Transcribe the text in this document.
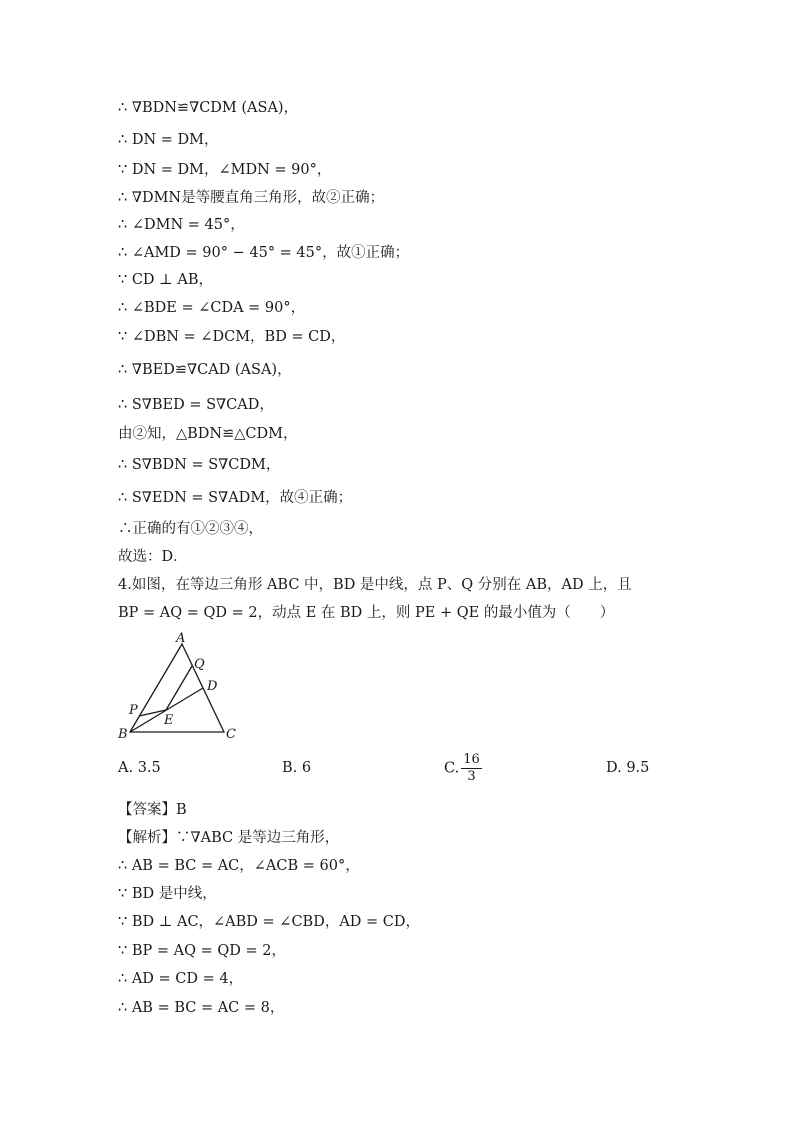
∴ ∇BDN≌∇CDM (ASA)，
∴ DN = DM，
∵ DN = DM，∠MDN = 90°，
∴ ∇DMN是等腰直角三角形，故②正确；
∴ ∠DMN = 45°，
∴ ∠AMD = 90° − 45° = 45°，故①正确；
∵ CD ⊥ AB，
∴ ∠BDE = ∠CDA = 90°，
∵ ∠DBN = ∠DCM，BD = CD，
∴ ∇BED≌∇CAD (ASA)，
∴ S∇BED = S∇CAD，
由②知，△BDN≌△CDM，
∴ S∇BDN = S∇CDM，
∴ S∇EDN = S∇ADM，故④正确；
∴正确的有①②③④，
故选：D．
4.如图，在等边三角形 ABC 中，BD 是中线，点 P、Q 分别在 AB，AD 上，且
BP = AQ = QD = 2，动点 E 在 BD 上，则 PE + QE 的最小值为（　　）
A
B	C
D
Q
P
E
A. 3.5	B. 6	C. $\frac{16}{3}$	D. 9.5
【答案】B
【解析】∵∇ABC 是等边三角形，
∴ AB = BC = AC，∠ACB = 60°，
∵ BD 是中线，
∵ BD ⊥ AC，∠ABD = ∠CBD，AD = CD，
∵ BP = AQ = QD = 2，
∴ AD = CD = 4，
∴ AB = BC = AC = 8，
